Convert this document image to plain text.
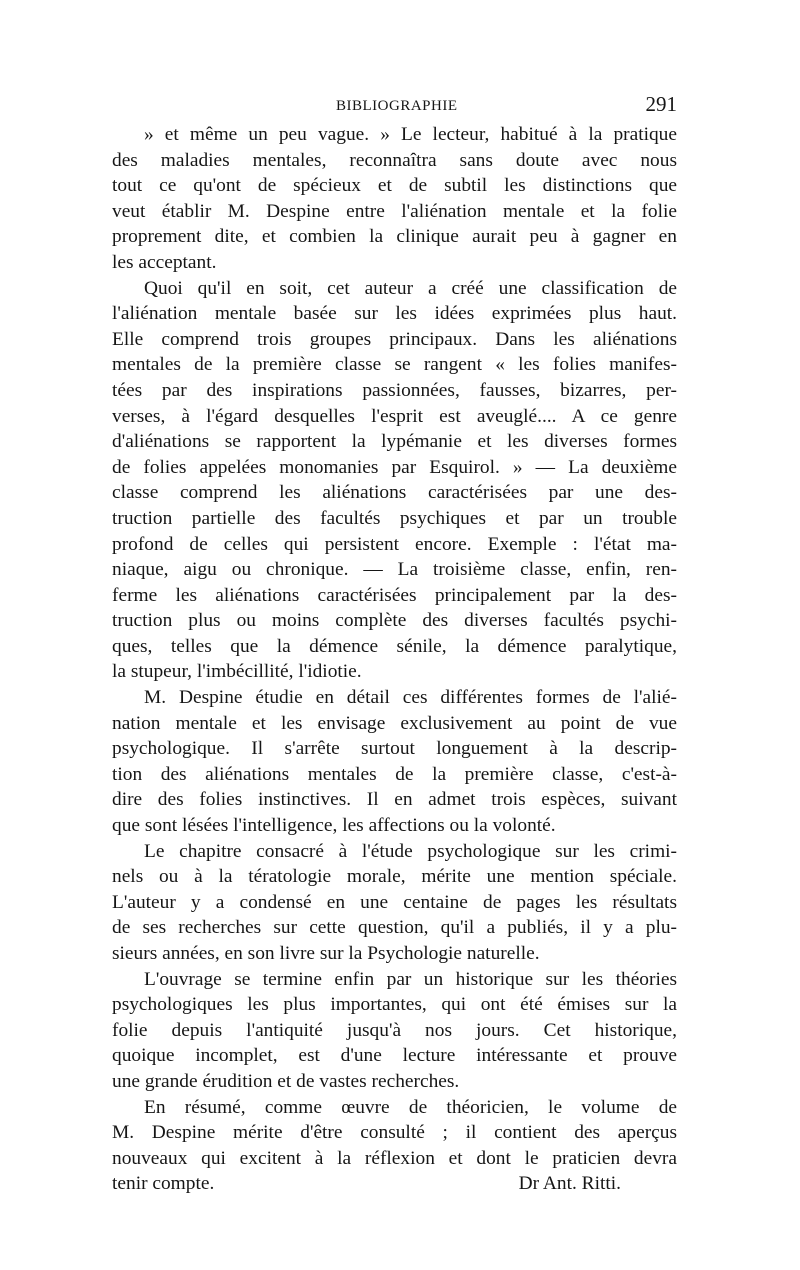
BIBLIOGRAPHIE	291
» et même un peu vague. » Le lecteur, habitué à la pratique
des maladies mentales, reconnaîtra sans doute avec nous
tout ce qu'ont de spécieux et de subtil les distinctions que
veut établir M. Despine entre l'aliénation mentale et la folie
proprement dite, et combien la clinique aurait peu à gagner en
les acceptant.
Quoi qu'il en soit, cet auteur a créé une classification de
l'aliénation mentale basée sur les idées exprimées plus haut.
Elle comprend trois groupes principaux. Dans les aliénations
mentales de la première classe se rangent « les folies manifes-
tées par des inspirations passionnées, fausses, bizarres, per-
verses, à l'égard desquelles l'esprit est aveuglé.... A ce genre
d'aliénations se rapportent la lypémanie et les diverses formes
de folies appelées monomanies par Esquirol. » — La deuxième
classe comprend les aliénations caractérisées par une des-
truction partielle des facultés psychiques et par un trouble
profond de celles qui persistent encore. Exemple : l'état ma-
niaque, aigu ou chronique. — La troisième classe, enfin, ren-
ferme les aliénations caractérisées principalement par la des-
truction plus ou moins complète des diverses facultés psychi-
ques, telles que la démence sénile, la démence paralytique,
la stupeur, l'imbécillité, l'idiotie.
M. Despine étudie en détail ces différentes formes de l'alié-
nation mentale et les envisage exclusivement au point de vue
psychologique. Il s'arrête surtout longuement à la descrip-
tion des aliénations mentales de la première classe, c'est-à-
dire des folies instinctives. Il en admet trois espèces, suivant
que sont lésées l'intelligence, les affections ou la volonté.
Le chapitre consacré à l'étude psychologique sur les crimi-
nels ou à la tératologie morale, mérite une mention spéciale.
L'auteur y a condensé en une centaine de pages les résultats
de ses recherches sur cette question, qu'il a publiés, il y a plu-
sieurs années, en son livre sur la Psychologie naturelle.
L'ouvrage se termine enfin par un historique sur les théories
psychologiques les plus importantes, qui ont été émises sur la
folie depuis l'antiquité jusqu'à nos jours. Cet historique,
quoique incomplet, est d'une lecture intéressante et prouve
une grande érudition et de vastes recherches.
En résumé, comme œuvre de théoricien, le volume de
M. Despine mérite d'être consulté ; il contient des aperçus
nouveaux qui excitent à la réflexion et dont le praticien devra
tenir compte.	Dr Ant. Ritti.
